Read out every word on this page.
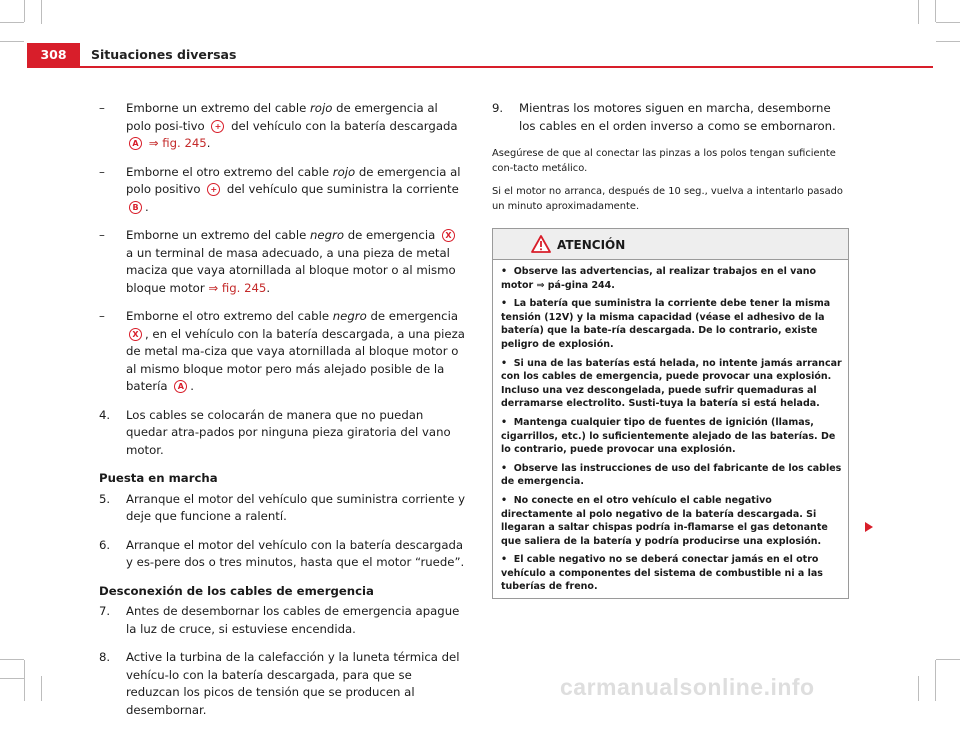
308	Situaciones diversas
– Emborne un extremo del cable rojo de emergencia al polo posi-tivo + del vehículo con la batería descargada A ⇒ fig. 245.
– Emborne el otro extremo del cable rojo de emergencia al polo positivo + del vehículo que suministra la corriente B .
– Emborne un extremo del cable negro de emergencia X a un terminal de masa adecuado, a una pieza de metal maciza que vaya atornillada al bloque motor o al mismo bloque motor ⇒ fig. 245.
– Emborne el otro extremo del cable negro de emergencia X , en el vehículo con la batería descargada, a una pieza de metal ma-ciza que vaya atornillada al bloque motor o al mismo bloque motor pero más alejado posible de la batería A .
4. Los cables se colocarán de manera que no puedan quedar atra-pados por ninguna pieza giratoria del vano motor.

Puesta en marcha

5. Arranque el motor del vehículo que suministra corriente y deje que funcione a ralentí.
6. Arranque el motor del vehículo con la batería descargada y es-pere dos o tres minutos, hasta que el motor “ruede”.

Desconexión de los cables de emergencia

7. Antes de desembornar los cables de emergencia apague la luz de cruce, si estuviese encendida.
8. Active la turbina de la calefacción y la luneta térmica del vehícu-lo con la batería descargada, para que se reduzcan los picos de tensión que se producen al desembornar.
9. Mientras los motores siguen en marcha, desemborne los cables en el orden inverso a como se embornaron.

Asegúrese de que al conectar las pinzas a los polos tengan suficiente con-tacto metálico.

Si el motor no arranca, después de 10 seg., vuelva a intentarlo pasado un minuto aproximadamente.

ATENCIÓN

• Observe las advertencias, al realizar trabajos en el vano motor ⇒ pá-gina 244.

• La batería que suministra la corriente debe tener la misma tensión (12V) y la misma capacidad (véase el adhesivo de la batería) que la bate-ría descargada. De lo contrario, existe peligro de explosión.

• Si una de las baterías está helada, no intente jamás arrancar con los cables de emergencia, puede provocar una explosión. Incluso una vez descongelada, puede sufrir quemaduras al derramarse electrolito. Susti-tuya la batería si está helada.

• Mantenga cualquier tipo de fuentes de ignición (llamas, cigarrillos, etc.) lo suficientemente alejado de las baterías. De lo contrario, puede provocar una explosión.

• Observe las instrucciones de uso del fabricante de los cables de emergencia.

• No conecte en el otro vehículo el cable negativo directamente al polo negativo de la batería descargada. Si llegaran a saltar chispas podría in-flamarse el gas detonante que saliera de la batería y podría producirse una explosión.

• El cable negativo no se deberá conectar jamás en el otro vehículo a componentes del sistema de combustible ni a las tuberías de freno.

carmanualsonline.info
